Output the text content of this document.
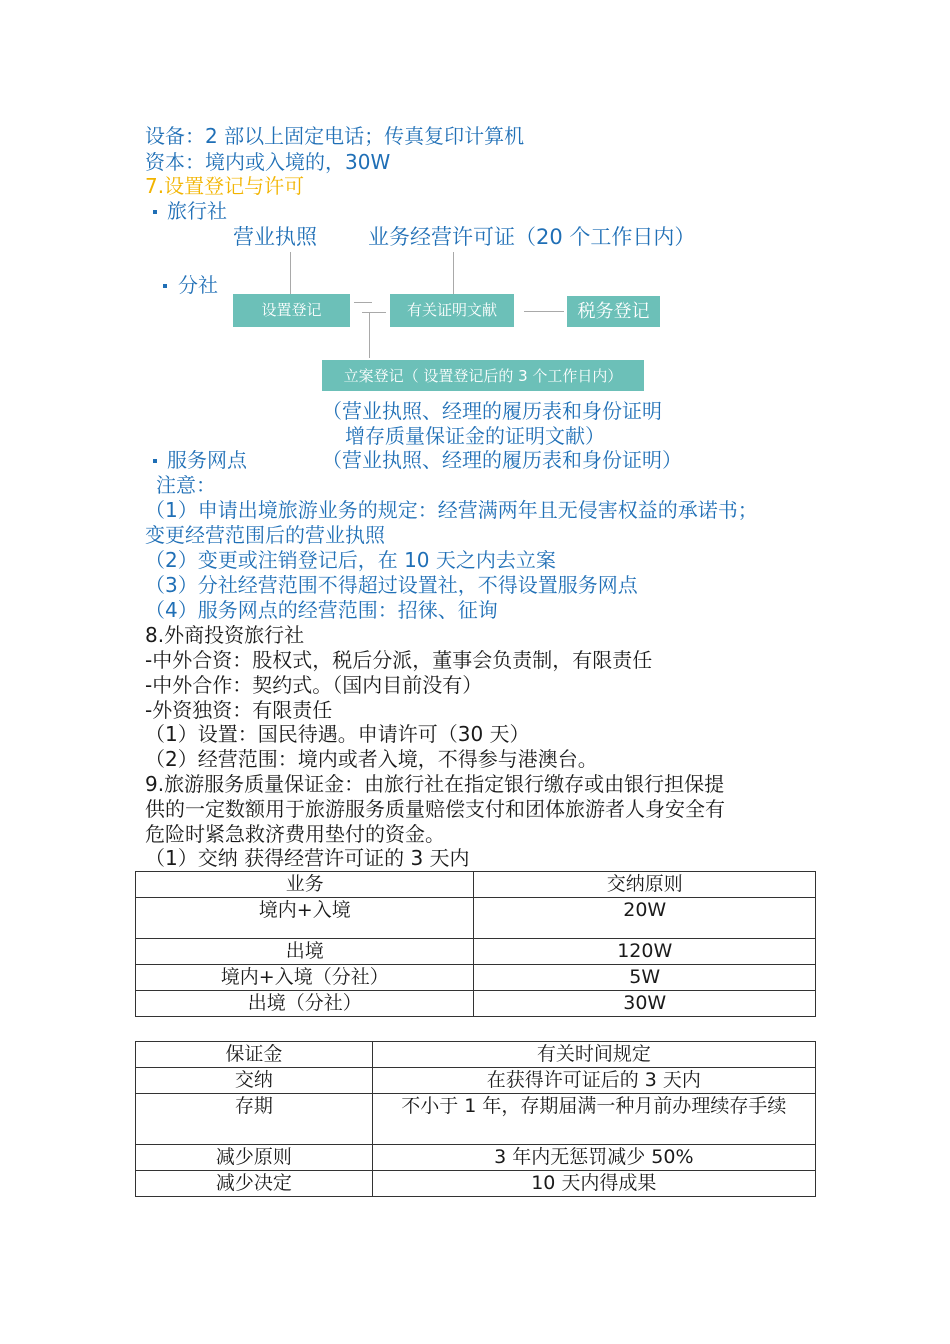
设备：2 部以上固定电话；传真复印计算机
资本：境内或入境的，30W
7.设置登记与许可
旅行社
营业执照 业务经营许可证（20 个工作日内）
分社
设置登记	有关证明文献	税务登记
立案登记（ 设置登记后的 3 个工作日内）
（营业执照、经理的履历表和身份证明
增存质量保证金的证明文献）
服务网点	（营业执照、经理的履历表和身份证明）
注意：
（1）申请出境旅游业务的规定：经营满两年且无侵害权益的承诺书；
变更经营范围后的营业执照
（2）变更或注销登记后，在 10 天之内去立案
（3）分社经营范围不得超过设置社，不得设置服务网点
（4）服务网点的经营范围：招徕、征询
8.外商投资旅行社
-中外合资：股权式，税后分派，董事会负责制，有限责任
-中外合作：契约式。（国内目前没有）
-外资独资：有限责任
（1）设置：国民待遇。申请许可（30 天）
（2）经营范围：境内或者入境，不得参与港澳台。
9.旅游服务质量保证金：由旅行社在指定银行缴存或由银行担保提
供的一定数额用于旅游服务质量赔偿支付和团体旅游者人身安全有
危险时紧急救济费用垫付的资金。
（1）交纳 获得经营许可证的 3 天内
业务	交纳原则
境内+入境	20W
出境	120W
境内+入境（分社）	5W
出境（分社）	30W
保证金	有关时间规定
交纳	在获得许可证后的 3 天内
存期	不小于 1 年，存期届满一种月前办理续存手续
减少原则	3 年内无惩罚减少 50%
减少决定	10 天内得成果
